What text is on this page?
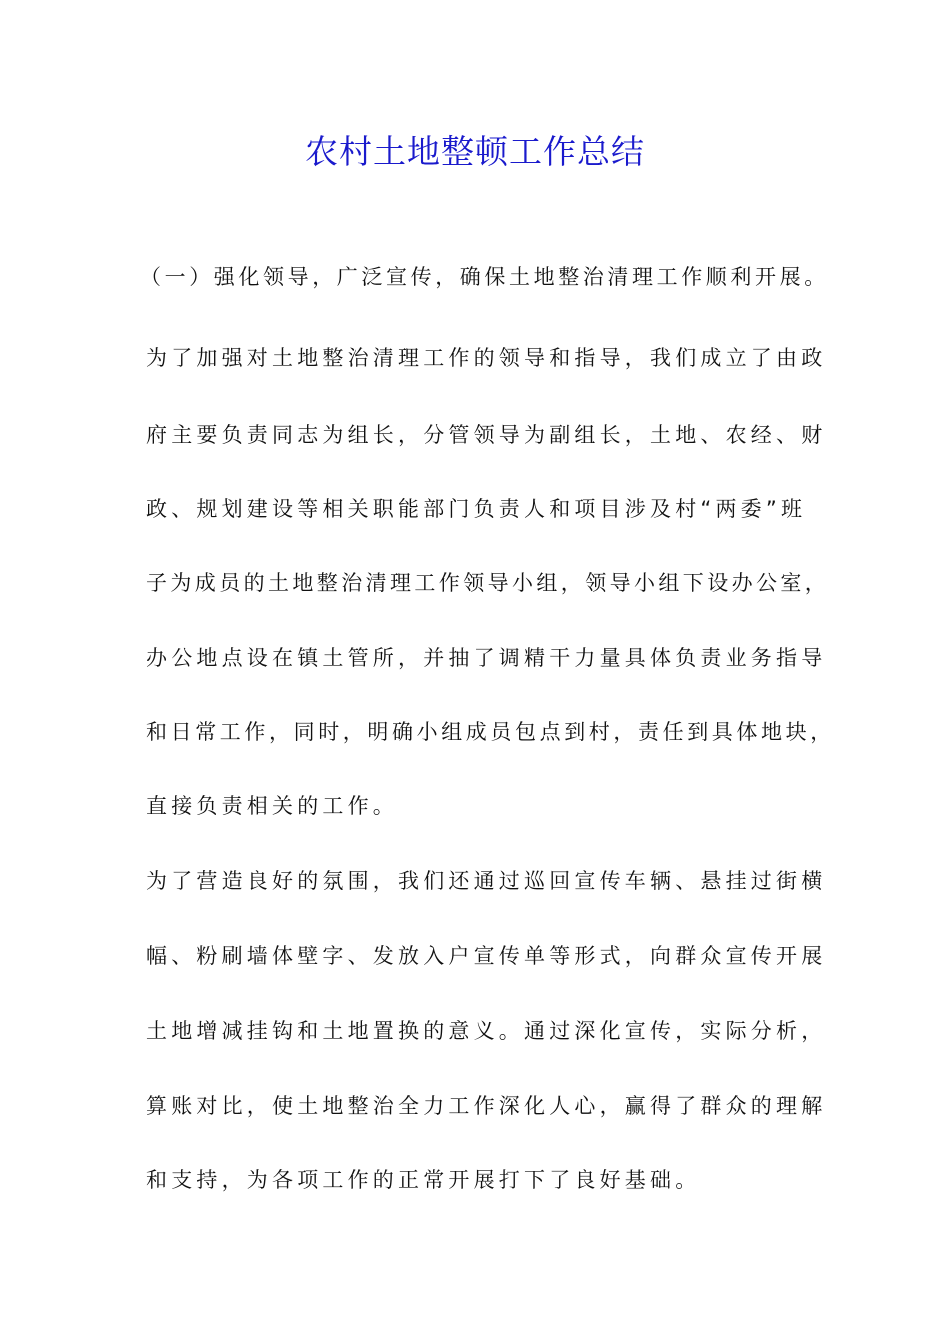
农村土地整顿工作总结

（一）强化领导，广泛宣传，确保土地整治清理工作顺利开展。

为了加强对土地整治清理工作的领导和指导，我们成立了由政

府主要负责同志为组长，分管领导为副组长，土地、农经、财

政、规划建设等相关职能部门负责人和项目涉及村“两委”班

子为成员的土地整治清理工作领导小组，领导小组下设办公室，

办公地点设在镇土管所，并抽了调精干力量具体负责业务指导

和日常工作，同时，明确小组成员包点到村，责任到具体地块，

直接负责相关的工作。

为了营造良好的氛围，我们还通过巡回宣传车辆、悬挂过街横

幅、粉刷墙体壁字、发放入户宣传单等形式，向群众宣传开展

土地增减挂钩和土地置换的意义。通过深化宣传，实际分析，

算账对比，使土地整治全力工作深化人心，赢得了群众的理解

和支持，为各项工作的正常开展打下了良好基础。
